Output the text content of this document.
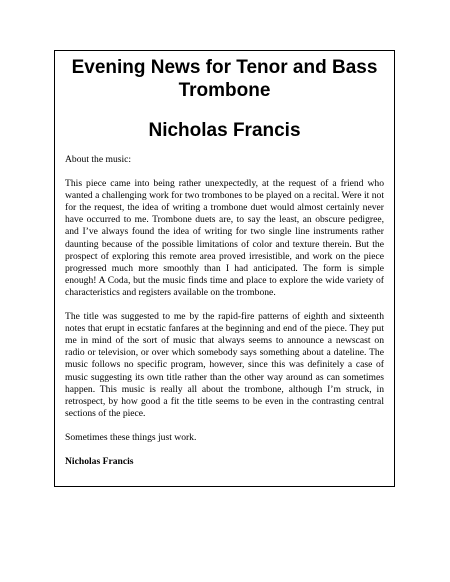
Evening News for Tenor and Bass Trombone
Nicholas Francis

About the music:

This piece came into being rather unexpectedly, at the request of a friend who wanted a challenging work for two trombones to be played on a recital. Were it not for the request, the idea of writing a trombone duet would almost certainly never have occurred to me. Trombone duets are, to say the least, an obscure pedigree, and I’ve always found the idea of writing for two single line instruments rather daunting because of the possible limitations of color and texture therein. But the prospect of exploring this remote area proved irresistible, and work on the piece progressed much more smoothly than I had anticipated. The form is simple enough! A Coda, but the music finds time and place to explore the wide variety of characteristics and registers available on the trombone.

The title was suggested to me by the rapid-fire patterns of eighth and sixteenth notes that erupt in ecstatic fanfares at the beginning and end of the piece. They put me in mind of the sort of music that always seems to announce a newscast on radio or television, or over which somebody says something about a dateline. The music follows no specific program, however, since this was definitely a case of music suggesting its own title rather than the other way around as can sometimes happen. This music is really all about the trombone, although I’m struck, in retrospect, by how good a fit the title seems to be even in the contrasting central sections of the piece.

Sometimes these things just work.

Nicholas Francis
